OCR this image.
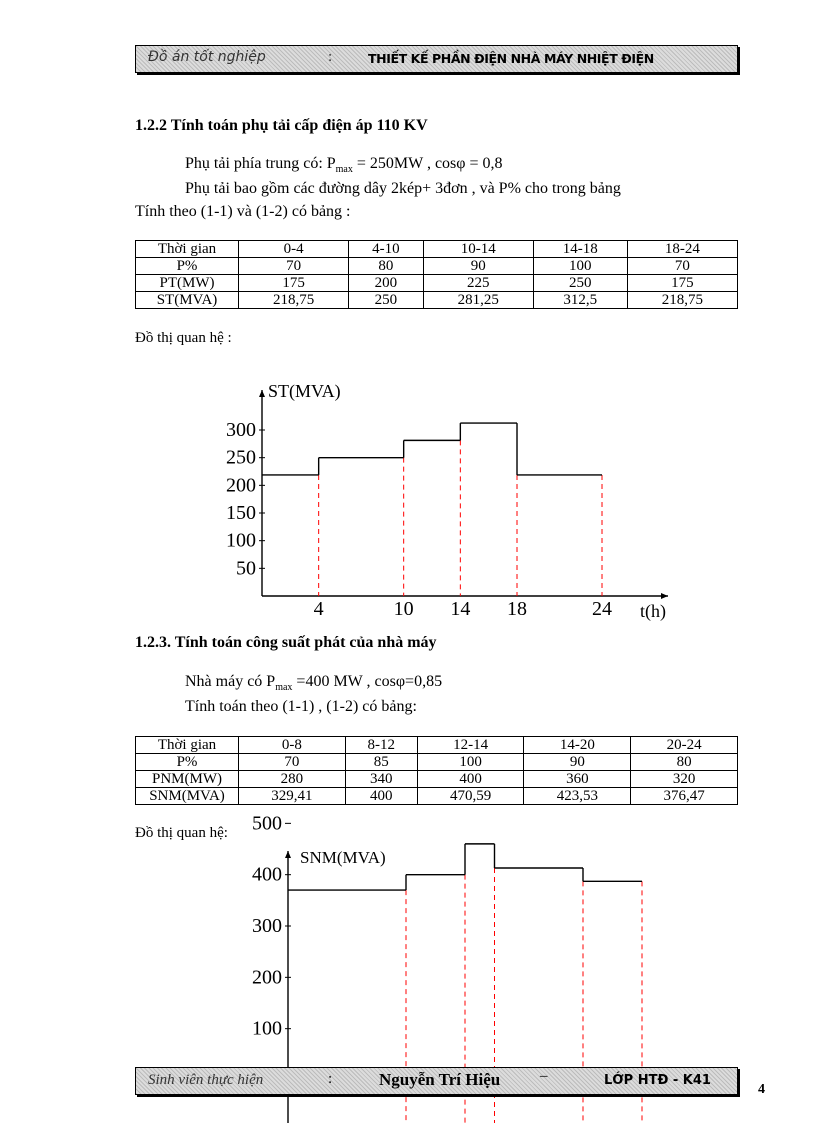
Đồ án tốt nghiệp	:	THIẾT KẾ PHẦN ĐIỆN NHÀ MÁY NHIỆT ĐIỆN
1.2.2 Tính toán phụ tải cấp điện áp 110 KV
Phụ tải phía trung có: $P_{max} = 250MW$ , cosφ = 0,8
Phụ tải bao gồm các đường dây 2kép+ 3đơn , và P% cho trong bảng
Tính theo (1-1) và (1-2) có bảng :
Thời gian	0-4	4-10	10-14	14-18	18-24
P%	70	80	90	100	70
PT(MW)	175	200	225	250	175
ST(MVA)	218,75	250	281,25	312,5	218,75
Đồ thị quan hệ :
50
100
150
200
250
300
4	10 14 18	24
ST(MVA)
t(h)
1.2.3. Tính toán công suất phát của nhà máy
Nhà máy có $P_{max} =400$ MW , cosφ=0,85
Tính toán theo (1-1) , (1-2) có bảng:
Thời gian	0-8	8-12	12-14	14-20	20-24
P%	70	85	100	90	80
PNM(MW)	280	340	400	360	320
SNM(MVA)	329,41	400	470,59	423,53	376,47
Đồ thị quan hệ:
100
200
300
400
500
SNM(MVA)
Sinh viên thực hiện	:	Nguyễn Trí Hiệu	–	LỚP HTĐ - K41
4
